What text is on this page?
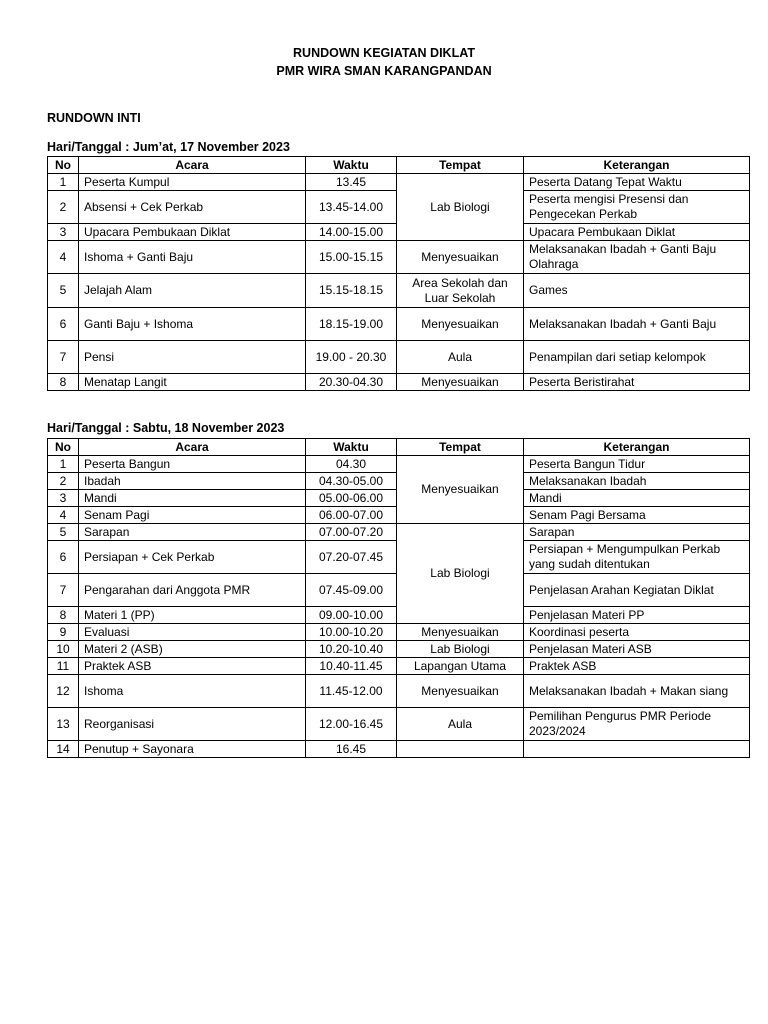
RUNDOWN KEGIATAN DIKLAT
PMR WIRA SMAN KARANGPANDAN
RUNDOWN INTI
Hari/Tanggal : Jum’at, 17 November 2023
No	Acara	Waktu	Tempat	Keterangan
1	Peserta Kumpul	13.45	Lab Biologi	Peserta Datang Tepat Waktu
2	Absensi + Cek Perkab	13.45-14.00		Peserta mengisi Presensi dan Pengecekan Perkab
3	Upacara Pembukaan Diklat	14.00-15.00		Upacara Pembukaan Diklat
4	Ishoma + Ganti Baju	15.00-15.15	Menyesuaikan	Melaksanakan Ibadah + Ganti Baju Olahraga
5	Jelajah Alam	15.15-18.15	Area Sekolah dan Luar Sekolah	Games
6	Ganti Baju + Ishoma	18.15-19.00	Menyesuaikan	Melaksanakan Ibadah + Ganti Baju
7	Pensi	19.00 - 20.30	Aula	Penampilan dari setiap kelompok
8	Menatap Langit	20.30-04.30	Menyesuaikan	Peserta Beristirahat
Hari/Tanggal : Sabtu, 18 November 2023
No	Acara	Waktu	Tempat	Keterangan
1	Peserta Bangun	04.30	Menyesuaikan	Peserta Bangun Tidur
2	Ibadah	04.30-05.00		Melaksanakan Ibadah
3	Mandi	05.00-06.00		Mandi
4	Senam Pagi	06.00-07.00		Senam Pagi Bersama
5	Sarapan	07.00-07.20	Lab Biologi	Sarapan
6	Persiapan + Cek Perkab	07.20-07.45		Persiapan + Mengumpulkan Perkab yang sudah ditentukan
7	Pengarahan dari Anggota PMR	07.45-09.00		Penjelasan Arahan Kegiatan Diklat
8	Materi 1 (PP)	09.00-10.00		Penjelasan Materi PP
9	Evaluasi	10.00-10.20	Menyesuaikan	Koordinasi peserta
10	Materi 2 (ASB)	10.20-10.40	Lab Biologi	Penjelasan Materi ASB
11	Praktek ASB	10.40-11.45	Lapangan Utama	Praktek ASB
12	Ishoma	11.45-12.00	Menyesuaikan	Melaksanakan Ibadah + Makan siang
13	Reorganisasi	12.00-16.45	Aula	Pemilihan Pengurus PMR Periode 2023/2024
14	Penutup + Sayonara	16.45		
